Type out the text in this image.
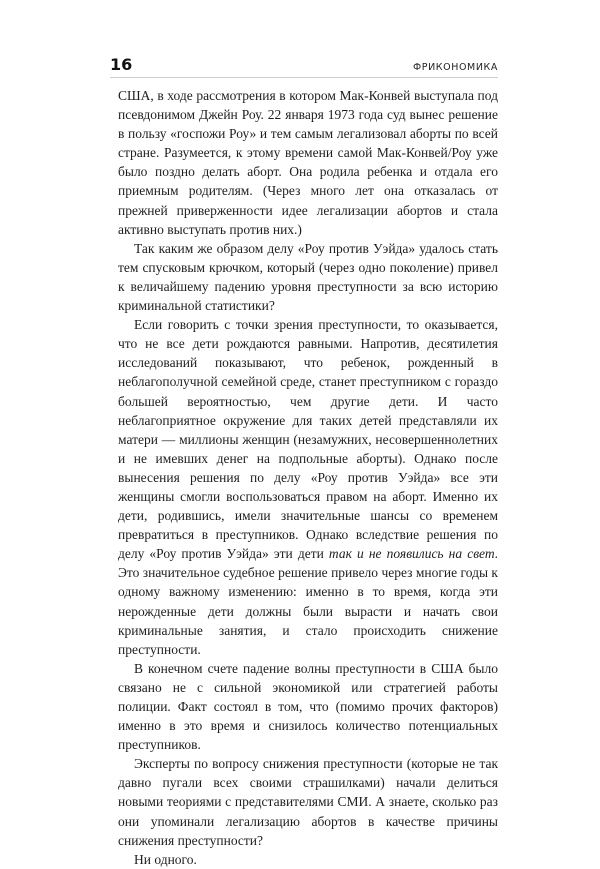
16	ФРИКОНОМИКА

США, в ходе рассмотрения в котором Мак-Конвей выступала под псевдонимом Джейн Роу. 22 января 1973 года суд вынес решение в пользу «госпожи Роу» и тем самым легализовал аборты по всей стране. Разумеется, к этому времени самой Мак-Конвей/Роу уже было поздно делать аборт. Она родила ребенка и отдала его приемным родителям. (Через много лет она отказалась от прежней приверженности идее легализации абортов и стала активно выступать против них.)

Так каким же образом делу «Роу против Уэйда» удалось стать тем спусковым крючком, который (через одно поколение) привел к величайшему падению уровня преступности за всю историю криминальной статистики?

Если говорить с точки зрения преступности, то оказывается, что не все дети рождаются равными. Напротив, десятилетия исследований показывают, что ребенок, рожденный в неблагополучной семейной среде, станет преступником с гораздо большей вероятностью, чем другие дети. И часто неблагоприятное окружение для таких детей представляли их матери — миллионы женщин (незамужних, несовершеннолетних и не имевших денег на подпольные аборты). Однако после вынесения решения по делу «Роу против Уэйда» все эти женщины смогли воспользоваться правом на аборт. Именно их дети, родившись, имели значительные шансы со временем превратиться в преступников. Однако вследствие решения по делу «Роу против Уэйда» эти дети так и не появились на свет. Это значительное судебное решение привело через многие годы к одному важному изменению: именно в то время, когда эти нерожденные дети должны были вырасти и начать свои криминальные занятия, и стало происходить снижение преступности.

В конечном счете падение волны преступности в США было связано не с сильной экономикой или стратегией работы полиции. Факт состоял в том, что (помимо прочих факторов) именно в это время и снизилось количество потенциальных преступников.

Эксперты по вопросу снижения преступности (которые не так давно пугали всех своими страшилками) начали делиться новыми теориями с представителями СМИ. А знаете, сколько раз они упоминали легализацию абортов в качестве причины снижения преступности?

Ни одного.
